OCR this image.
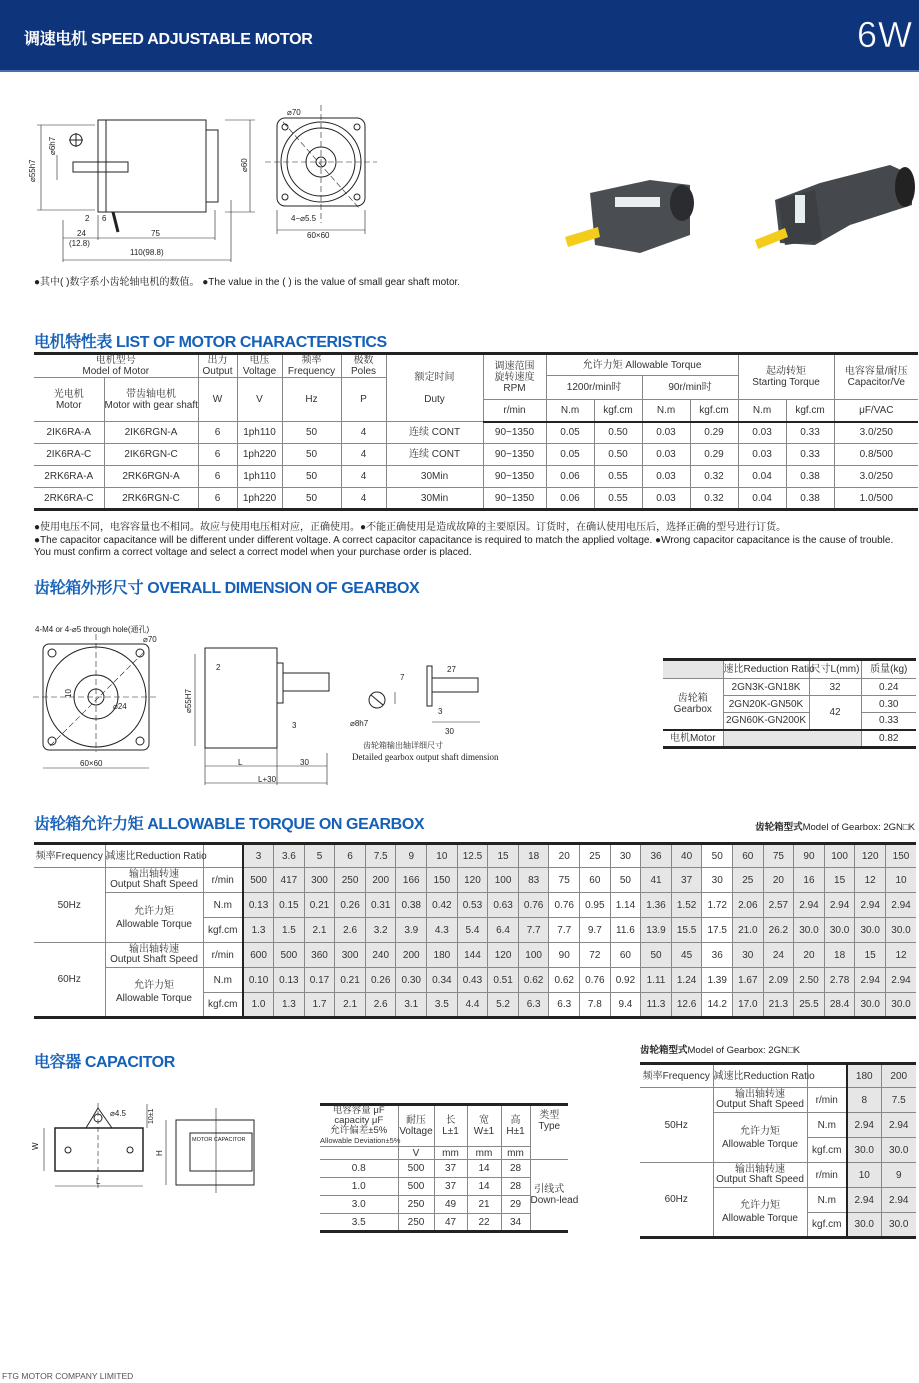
调速电机 SPEED ADJUSTABLE MOTOR	6W
⌀55h7
⌀6h7
⌀60
⌀70
4−⌀5.5
60×60
2 6
24
(12.8)
75
110(98.8)
●其中( )数字系小齿轮轴电机的数值。 ●The value in the ( ) is the value of small gear shaft motor.
电机特性表 LIST OF MOTOR CHARACTERISTICS
电机型号
Model of Motor		出力
Output	电压
Voltage	频率
Frequency	极数
Poles	额定时间

Duty	调速范围
旋转速度
RPM	允许力矩 Allowable Torque				起动转矩
Starting Torque		电容容量/耐压
Capacitor/Ve
								1200r/min时		90r/min时				
光电机
Motor	带齿轴电机
Motor with gear shaft	W	V	Hz	P									
							r/min	N.m	kgf.cm	N.m	kgf.cm	N.m	kgf.cm	μF/VAC
2IK6RA-A	2IK6RGN-A	6	1ph110	50	4	连续 CONT	90~1350	0.05	0.50	0.03	0.29	0.03	0.33	3.0/250
2IK6RA-C	2IK6RGN-C	6	1ph220	50	4	连续 CONT	90~1350	0.05	0.50	0.03	0.29	0.03	0.33	0.8/500
2RK6RA-A	2RK6RGN-A	6	1ph110	50	4	30Min	90~1350	0.06	0.55	0.03	0.32	0.04	0.38	3.0/250
2RK6RA-C	2RK6RGN-C	6	1ph220	50	4	30Min	90~1350	0.06	0.55	0.03	0.32	0.04	0.38	1.0/500
●使用电压不同，电容容量也不相同。故应与使用电压相对应，正确使用。●不能正确使用是造成故障的主要原因。订货时，在确认使用电压后，选择正确的型号进行订货。
●The capacitor capacitance will be different under different voltage. A correct capacitor capacitance is required to match the applied voltage. ●Wrong capacitor capacitance is the cause of trouble.
You must confirm a correct voltage and select a correct model when your purchase order is placed.
齿轮箱外形尺寸 OVERALL DIMENSION OF GEARBOX
4-M4 or 4-⌀5 through hole(通孔)
⌀70
⌀24
10	⌀55H7
2
3
7
27
⌀8h7
3
30
齿轮箱输出轴详细尺寸
60×60	L	30
L+30
Detailed gearbox output shaft dimension
	速比Reduction Ratio	尺寸L(mm)	质量(kg)
齿轮箱
Gearbox	2GN3K-GN18K	32	0.24
	2GN20K-GN50K	42	0.30
	2GN60K-GN200K		0.33
电机Motor			0.82
齿轮箱允许力矩 ALLOWABLE TORQUE ON GEARBOX	齿轮箱型式Model of Gearbox: 2GN□K
频率Frequency	减速比Reduction Ratio		3	3.6	5	6	7.5	9	10	12.5	15	18	20	25	30	36	40	50	60	75	90	100	120	150
50Hz	输出轴转速
Output Shaft Speed	r/min	500	417	300	250	200	166	150	120	100	83	75	60	50	41	37	30	25	20	16	15	12	10
	允许力矩
Allowable Torque	N.m	0.13	0.15	0.21	0.26	0.31	0.38	0.42	0.53	0.63	0.76	0.76	0.95	1.14	1.36	1.52	1.72	2.06	2.57	2.94	2.94	2.94	2.94
		kgf.cm	1.3	1.5	2.1	2.6	3.2	3.9	4.3	5.4	6.4	7.7	7.7	9.7	11.6	13.9	15.5	17.5	21.0	26.2	30.0	30.0	30.0	30.0
60Hz	输出轴转速
Output Shaft Speed	r/min	600	500	360	300	240	200	180	144	120	100	90	72	60	50	45	36	30	24	20	18	15	12
	允许力矩
Allowable Torque	N.m	0.10	0.13	0.17	0.21	0.26	0.30	0.34	0.43	0.51	0.62	0.62	0.76	0.92	1.11	1.24	1.39	1.67	2.09	2.50	2.78	2.94	2.94
		kgf.cm	1.0	1.3	1.7	2.1	2.6	3.1	3.5	4.4	5.2	6.3	6.3	7.8	9.4	11.3	12.6	14.2	17.0	21.3	25.5	28.4	30.0	30.0
电容器 CAPACITOR
⌀4.5	10±1
W
L
H
MOTOR CAPACITOR
电容容量 μF
capacity μF
允许偏差±5%
Allowable Deviation±5%	耐压
Voltage	长
L±1	宽
W±1	高
H±1	类型
Type
	V	mm	mm	mm	
0.8	500	37	14	28	引线式
Down-lead
1.0	500	37	14	28	
3.0	250	49	21	29	
3.5	250	47	22	34	
齿轮箱型式Model of Gearbox: 2GN□K
频率Frequency	减速比Reduction Ratio		180	200
50Hz	输出轴转速
Output Shaft Speed	r/min	8	7.5
	允许力矩
Allowable Torque	N.m	2.94	2.94
		kgf.cm	30.0	30.0
60Hz	输出轴转速
Output Shaft Speed	r/min	10	9
	允许力矩
Allowable Torque	N.m	2.94	2.94
		kgf.cm	30.0	30.0
FTG MOTOR COMPANY LIMITED
